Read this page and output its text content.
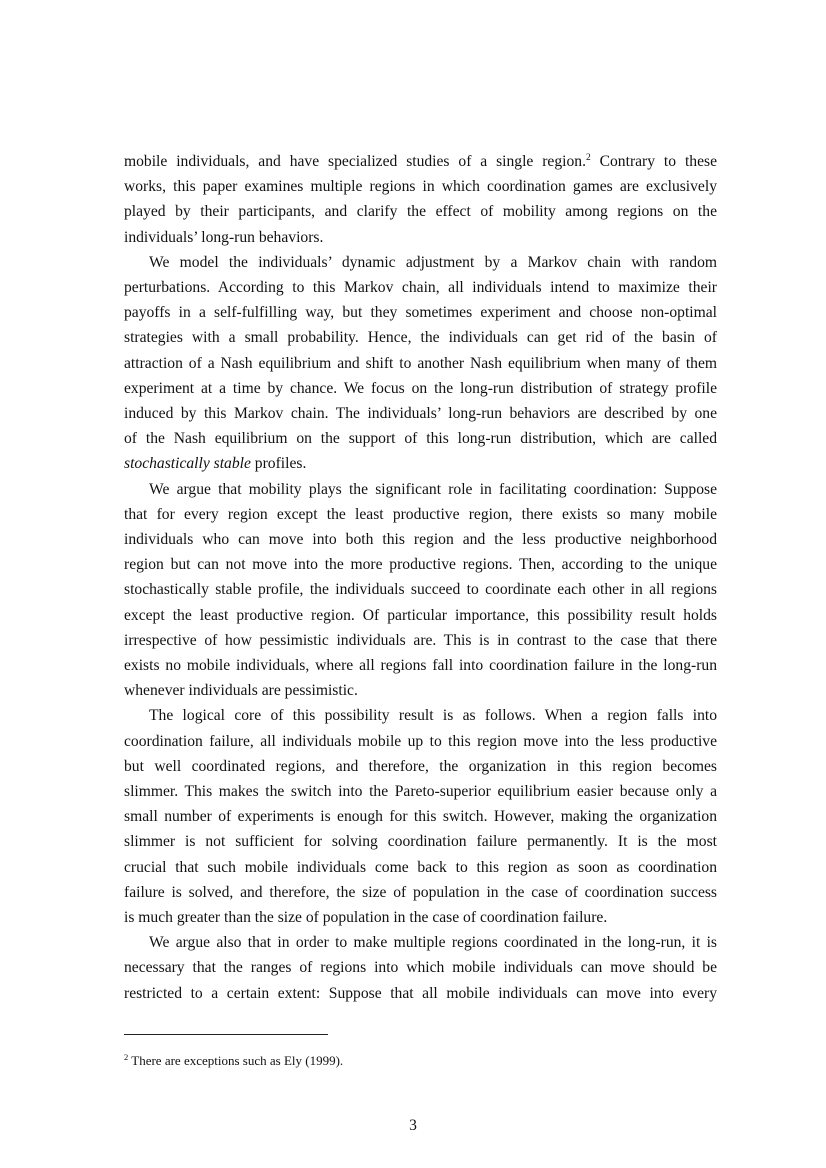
mobile individuals, and have specialized studies of a single region.$^2$ Contrary to these
works, this paper examines multiple regions in which coordination games are exclusively
played by their participants, and clarify the effect of mobility among regions on the
individuals’ long-run behaviors.
We model the individuals’ dynamic adjustment by a Markov chain with random
perturbations. According to this Markov chain, all individuals intend to maximize their
payoffs in a self-fulfilling way, but they sometimes experiment and choose non-optimal
strategies with a small probability. Hence, the individuals can get rid of the basin of
attraction of a Nash equilibrium and shift to another Nash equilibrium when many of them
experiment at a time by chance. We focus on the long-run distribution of strategy profile
induced by this Markov chain. The individuals’ long-run behaviors are described by one
of the Nash equilibrium on the support of this long-run distribution, which are called
stochastically stable profiles.
We argue that mobility plays the significant role in facilitating coordination: Suppose
that for every region except the least productive region, there exists so many mobile
individuals who can move into both this region and the less productive neighborhood
region but can not move into the more productive regions. Then, according to the unique
stochastically stable profile, the individuals succeed to coordinate each other in all regions
except the least productive region. Of particular importance, this possibility result holds
irrespective of how pessimistic individuals are. This is in contrast to the case that there
exists no mobile individuals, where all regions fall into coordination failure in the long-run
whenever individuals are pessimistic.
The logical core of this possibility result is as follows. When a region falls into
coordination failure, all individuals mobile up to this region move into the less productive
but well coordinated regions, and therefore, the organization in this region becomes
slimmer. This makes the switch into the Pareto-superior equilibrium easier because only a
small number of experiments is enough for this switch. However, making the organization
slimmer is not sufficient for solving coordination failure permanently. It is the most
crucial that such mobile individuals come back to this region as soon as coordination
failure is solved, and therefore, the size of population in the case of coordination success
is much greater than the size of population in the case of coordination failure.
We argue also that in order to make multiple regions coordinated in the long-run, it is
necessary that the ranges of regions into which mobile individuals can move should be
restricted to a certain extent: Suppose that all mobile individuals can move into every
$^2$ There are exceptions such as Ely (1999).
3
